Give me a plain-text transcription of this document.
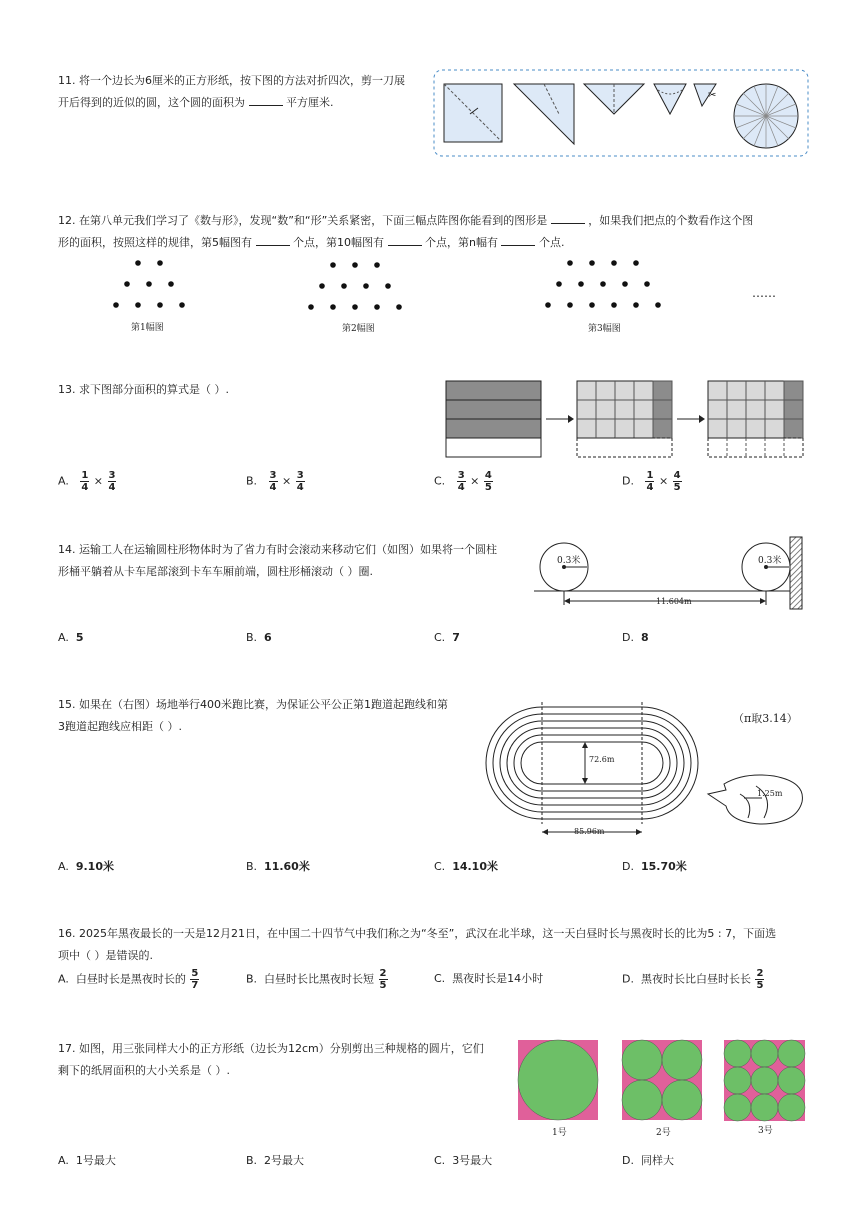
11. 将一个边长为6厘米的正方形纸，按下图的方法对折四次，剪一刀展
开后得到的近似的圆，这个圆的面积为	平方厘米.
✂
12. 在第八单元我们学习了《数与形》，发现“数”和“形”关系紧密，下面三幅点阵图你能看到的图形是	，如果我们把点的个数看作这个图
形的面积，按照这样的规律，第5幅图有	个点，第10幅图有	个点，第n幅有	个点.
……
第1幅图	第2幅图	第3幅图
13. 求下图部分面积的算式是（ ）.
A. $\frac{1}{4} \times \frac{3}{4}$	B. $\frac{3}{4} \times \frac{3}{4}$	C. $\frac{3}{4} \times \frac{4}{5}$	D. $\frac{1}{4} \times \frac{4}{5}$
14. 运输工人在运输圆柱形物体时为了省力有时会滚动来移动它们（如图）如果将一个圆柱
形桶平躺着从卡车尾部滚到卡车车厢前端，圆柱形桶滚动（ ）圈.
0.3米	0.3米
11.604m
A. 5	B. 6	C. 7	D. 8
15. 如果在（右图）场地举行400米跑比赛，为保证公平公正第1跑道起跑线和第
3跑道起跑线应相距（ ）.
（π取3.14）
72.6m
85.96m
1.25m
A. 9.10米	B. 11.60米	C. 14.10米	D. 15.70米
16. 2025年黑夜最长的一天是12月21日，在中国二十四节气中我们称之为“冬至”，武汉在北半球，这一天白昼时长与黑夜时长的比为5 : 7，下面选
项中（ ）是错误的.
A. 白昼时长是黑夜时长的 $\frac{5}{7}$	B. 白昼时长比黑夜时长短 $\frac{2}{5}$	C. 黑夜时长是14小时	D. 黑夜时长比白昼时长长 $\frac{2}{5}$
17. 如图，用三张同样大小的正方形纸（边长为12cm）分别剪出三种规格的圆片，它们
剩下的纸屑面积的大小关系是（ ）.
1号	2号	3号
A. 1号最大	B. 2号最大	C. 3号最大	D. 同样大
